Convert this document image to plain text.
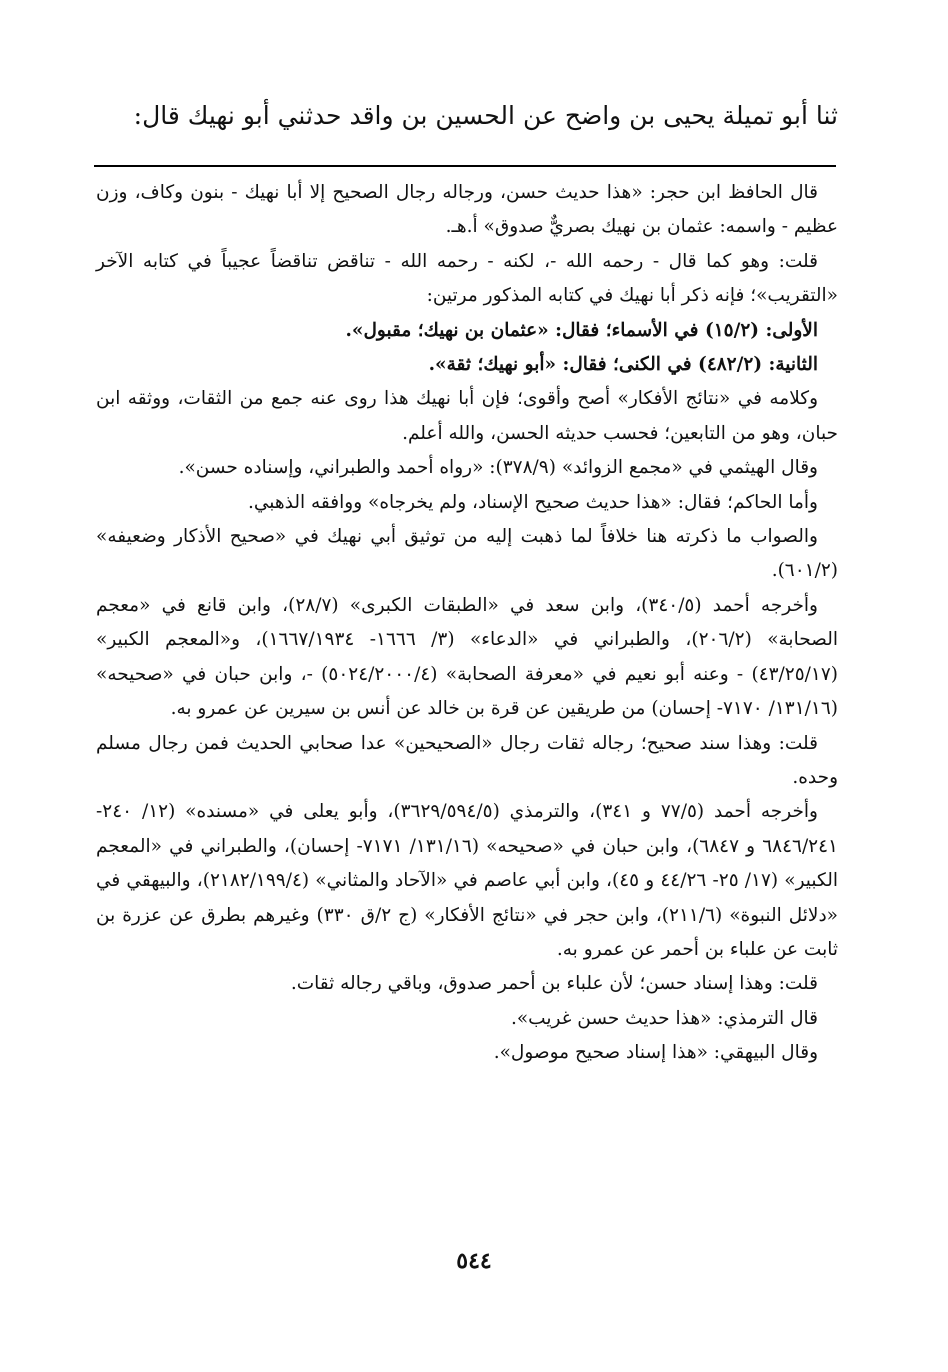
ثنا أبو تميلة يحيى بن واضح عن الحسين بن واقد حدثني أبو نهيك قال:

قال الحافظ ابن حجر: «هذا حديث حسن، ورجاله رجال الصحيح إلا أبا نهيك - بنون وكاف، وزن عظيم - واسمه: عثمان بن نهيك بصريٌّ صدوق» أ.هـ.

قلت: وهو كما قال - رحمه الله -، لكنه - رحمه الله - تناقض تناقضاً عجيباً في كتابه الآخر «التقريب»؛ فإنه ذكر أبا نهيك في كتابه المذكور مرتين:

الأولى: (١٥/٢) في الأسماء؛ فقال: «عثمان بن نهيك؛ مقبول».

الثانية: (٤٨٢/٢) في الكنى؛ فقال: «أبو نهيك؛ ثقة».

وكلامه في «نتائج الأفكار» أصح وأقوى؛ فإن أبا نهيك هذا روى عنه جمع من الثقات، ووثقه ابن حبان، وهو من التابعين؛ فحسب حديثه الحسن، والله أعلم.

وقال الهيثمي في «مجمع الزوائد» (٣٧٨/٩): «رواه أحمد والطبراني، وإسناده حسن».

وأما الحاكم؛ فقال: «هذا حديث صحيح الإسناد، ولم يخرجاه» ووافقه الذهبي.

والصواب ما ذكرته هنا خلافاً لما ذهبت إليه من توثيق أبي نهيك في «صحيح الأذكار وضعيفه» (٦٠١/٢).

وأخرجه أحمد (٣٤٠/٥)، وابن سعد في «الطبقات الكبرى» (٢٨/٧)، وابن قانع في «معجم الصحابة» (٢٠٦/٢)، والطبراني في «الدعاء» (٣/ ١٦٦٦- ١٦٦٧/١٩٣٤)، و«المعجم الكبير» (٤٣/٢٥/١٧) - وعنه أبو نعيم في «معرفة الصحابة» (٥٠٢٤/٢٠٠٠/٤) -، وابن حبان في «صحيحه» (١٣١/١٦/ ٧١٧٠- إحسان) من طريقين عن قرة بن خالد عن أنس بن سيرين عن عمرو به.

قلت: وهذا سند صحيح؛ رجاله ثقات رجال «الصحيحين» عدا صحابي الحديث فمن رجال مسلم وحده.

وأخرجه أحمد (٧٧/٥ و ٣٤١)، والترمذي (٣٦٢٩/٥٩٤/٥)، وأبو يعلى في «مسنده» (١٢/ ٢٤٠- ٦٨٤٦/٢٤١ و ٦٨٤٧)، وابن حبان في «صحيحه» (١٣١/١٦/ ٧١٧١- إحسان)، والطبراني في «المعجم الكبير» (١٧/ ٢٥- ٤٤/٢٦ و ٤٥)، وابن أبي عاصم في «الآحاد والمثاني» (٢١٨٢/١٩٩/٤)، والبيهقي في «دلائل النبوة» (٢١١/٦)، وابن حجر في «نتائج الأفكار» (ج ٢/ق ٣٣٠) وغيرهم بطرق عن عزرة بن ثابت عن علباء بن أحمر عن عمرو به.

قلت: وهذا إسناد حسن؛ لأن علباء بن أحمر صدوق، وباقي رجاله ثقات.

قال الترمذي: «هذا حديث حسن غريب».

وقال البيهقي: «هذا إسناد صحيح موصول».

٥٤٤
